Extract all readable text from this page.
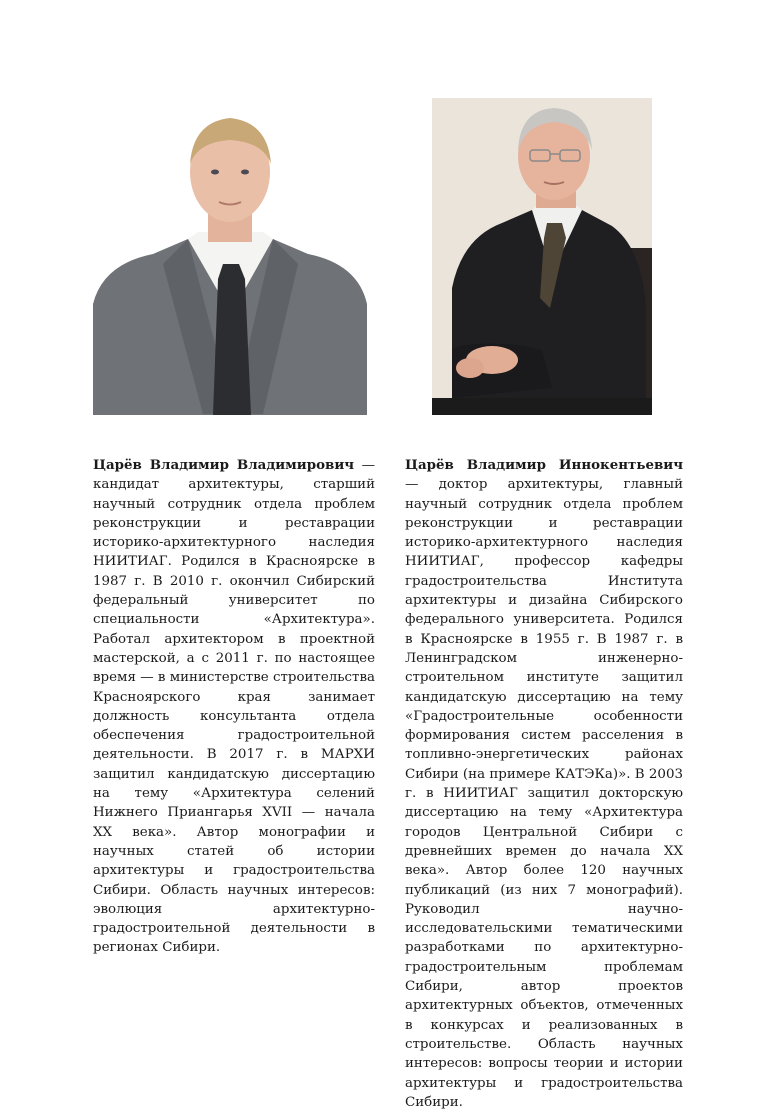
Царёв Владимир Владимирович — кандидат архитектуры, старший научный сотрудник отдела проблем реконструкции и реставрации историко-архитектурного наследия НИИТИАГ. Родился в Красноярске в 1987 г. В 2010 г. окончил Сибирский федеральный университет по специальности «Архитектура». Работал архитектором в проектной мастерской, а с 2011 г. по настоящее время — в министерстве строительства Красноярского края занимает должность консультанта отдела обеспечения градостроительной деятельности. В 2017 г. в МАРХИ защитил кандидатскую диссертацию на тему «Архитектура селений Нижнего Приангарья XVII — начала XX века». Автор монографии и научных статей об истории архитектуры и градостроительства Сибири. Область научных интересов: эволюция архитектурно-градостроительной деятельности в регионах Сибири.
Царёв Владимир Иннокентьевич — доктор архитектуры, главный научный сотрудник отдела проблем реконструкции и реставрации историко-архитектурного наследия НИИТИАГ, профессор кафедры градостроительства Института архитектуры и дизайна Сибирского федерального университета. Родился в Красноярске в 1955 г. В 1987 г. в Ленинградском инженерно-строительном институте защитил кандидатскую диссертацию на тему «Градостроительные особенности формирования систем расселения в топливно-энергетических районах Сибири (на примере КАТЭКа)». В 2003 г. в НИИТИАГ защитил докторскую диссертацию на тему «Архитектура городов Центральной Сибири с древнейших времен до начала XX века». Автор более 120 научных публикаций (из них 7 монографий). Руководил научно-исследовательскими тематическими разработками по архитектурно-градостроительным проблемам Сибири, автор проектов архитектурных объектов, отмеченных в конкурсах и реализованных в строительстве. Область научных интересов: вопросы теории и истории архитектуры и градостроительства Сибири.
